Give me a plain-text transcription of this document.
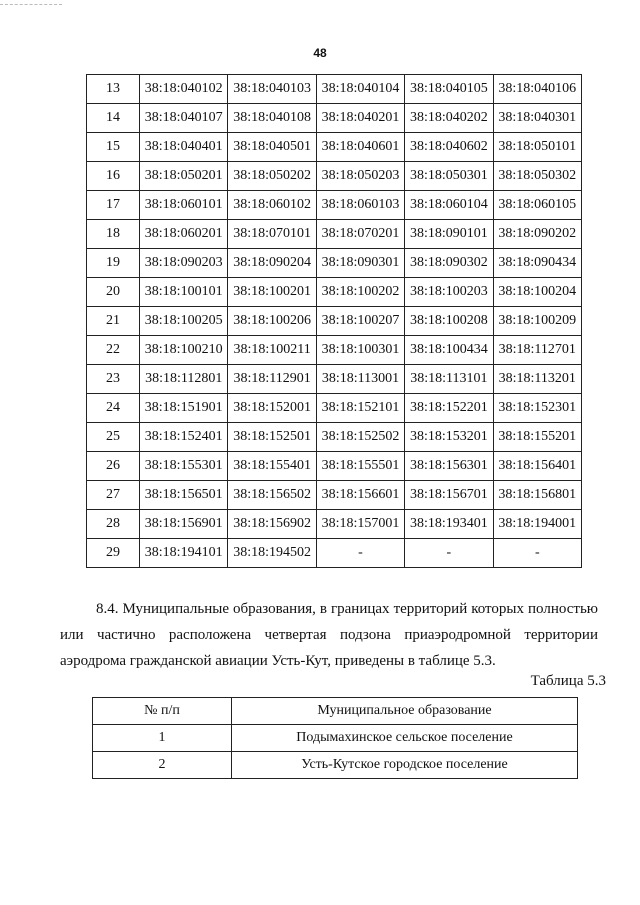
48
13	38:18:040102	38:18:040103	38:18:040104	38:18:040105	38:18:040106
14	38:18:040107	38:18:040108	38:18:040201	38:18:040202	38:18:040301
15	38:18:040401	38:18:040501	38:18:040601	38:18:040602	38:18:050101
16	38:18:050201	38:18:050202	38:18:050203	38:18:050301	38:18:050302
17	38:18:060101	38:18:060102	38:18:060103	38:18:060104	38:18:060105
18	38:18:060201	38:18:070101	38:18:070201	38:18:090101	38:18:090202
19	38:18:090203	38:18:090204	38:18:090301	38:18:090302	38:18:090434
20	38:18:100101	38:18:100201	38:18:100202	38:18:100203	38:18:100204
21	38:18:100205	38:18:100206	38:18:100207	38:18:100208	38:18:100209
22	38:18:100210	38:18:100211	38:18:100301	38:18:100434	38:18:112701
23	38:18:112801	38:18:112901	38:18:113001	38:18:113101	38:18:113201
24	38:18:151901	38:18:152001	38:18:152101	38:18:152201	38:18:152301
25	38:18:152401	38:18:152501	38:18:152502	38:18:153201	38:18:155201
26	38:18:155301	38:18:155401	38:18:155501	38:18:156301	38:18:156401
27	38:18:156501	38:18:156502	38:18:156601	38:18:156701	38:18:156801
28	38:18:156901	38:18:156902	38:18:157001	38:18:193401	38:18:194001
29	38:18:194101	38:18:194502	-	-	-

8.4. Муниципальные образования, в границах территорий которых полностью или частично расположена четвертая подзона приаэродромной территории аэродрома гражданской авиации Усть-Кут, приведены в таблице 5.3.

Таблица 5.3
№ п/п	Муниципальное образование
1	Подымахинское сельское поселение
2	Усть-Кутское городское поселение
